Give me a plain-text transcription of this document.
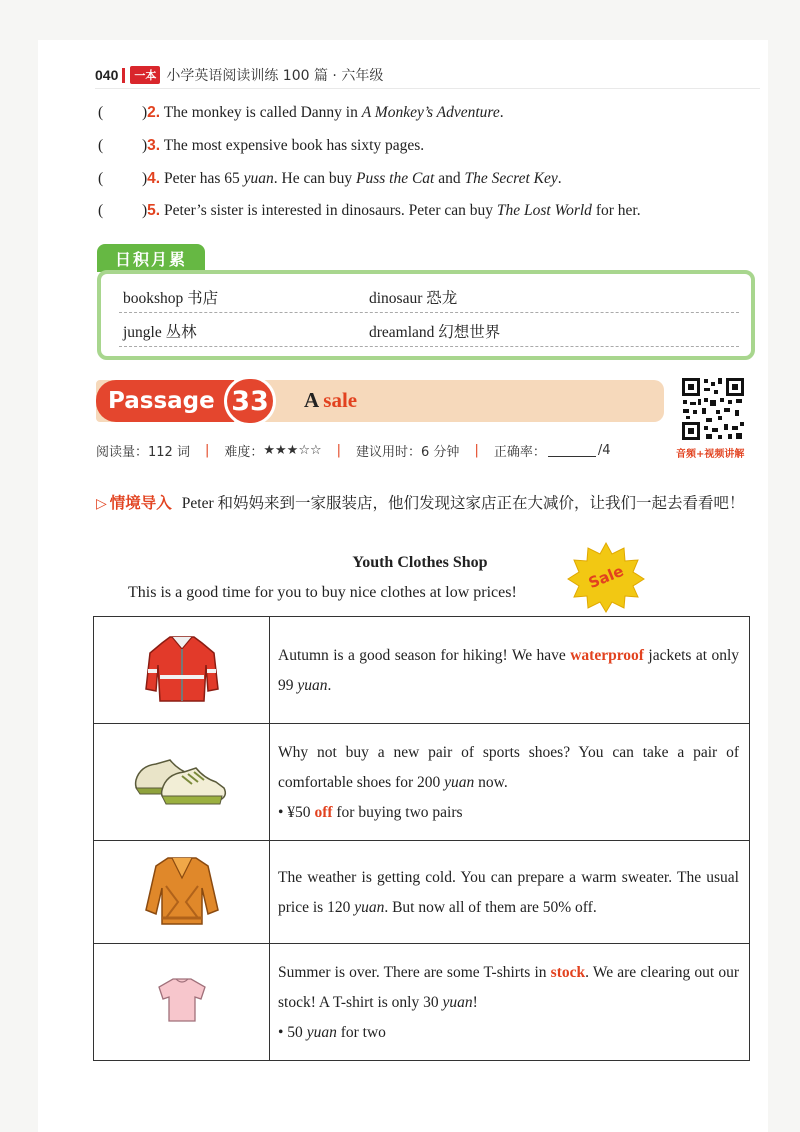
040	一本 小学英语阅读训练 100 篇 · 六年级
(	)2. The monkey is called Danny in A Monkey’s Adventure.
(	)3. The most expensive book has sixty pages.
(	)4. Peter has 65 yuan. He can buy Puss the Cat and The Secret Key.
(	)5. Peter’s sister is interested in dinosaurs. Peter can buy The Lost World for her.
日积月累
bookshop 书店	dinosaur 恐龙
jungle 丛林	dreamland 幻想世界
Passage 33	A sale
音频+视频讲解
阅读量：112 词 | 难度： ★★★ ☆☆ | 建议用时：6 分钟 | 正确率：	/4
▷ 情境导入 Peter 和妈妈来到一家服装店，他们发现这家店正在大减价，让我们一起去看看吧！
Youth Clothes Shop
This is a good time for you to buy nice clothes at low prices!
Sale
	Autumn is a good season for hiking! We have waterproof jackets at only 99 yuan.
	Why not buy a new pair of sports shoes? You can take a pair of comfortable shoes for 200 yuan now.
• ¥50 off for buying two pairs

	The weather is getting cold. You can prepare a warm sweater. The usual price is 120 yuan. But now all of them are 50% off.
	Summer is over. There are some T-shirts in stock. We are clearing out our stock! A T-shirt is only 30 yuan!
• 50 yuan for two
